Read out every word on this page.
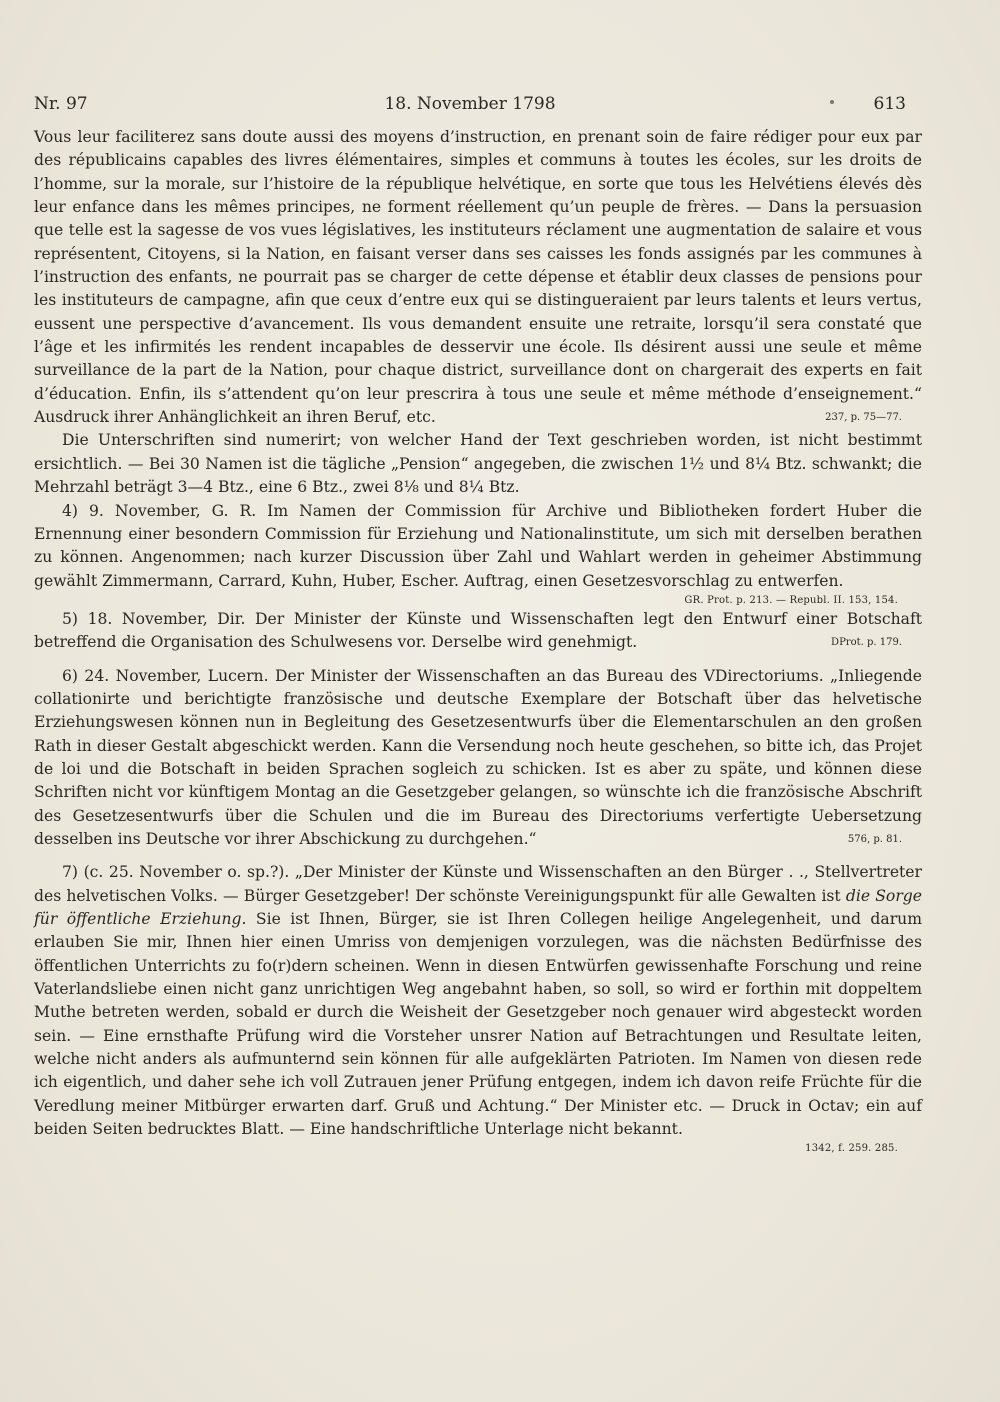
Nr. 97	18. November 1798	613

Vous leur faciliterez sans doute aussi des moyens d’instruction, en prenant soin de faire rédiger pour eux par des républicains capables des livres élémentaires, simples et communs à toutes les écoles, sur les droits de l’homme, sur la morale, sur l’histoire de la république helvétique, en sorte que tous les Helvétiens élevés dès leur enfance dans les mêmes principes, ne forment réellement qu’un peuple de frères. — Dans la persuasion que telle est la sagesse de vos vues législatives, les instituteurs réclament une augmentation de salaire et vous représentent, Citoyens, si la Nation, en faisant verser dans ses caisses les fonds assignés par les communes à l’instruction des enfants, ne pourrait pas se charger de cette dépense et établir deux classes de pensions pour les instituteurs de campagne, afin que ceux d’entre eux qui se distingueraient par leurs talents et leurs vertus, eussent une perspective d’avancement. Ils vous demandent ensuite une retraite, lorsqu’il sera constaté que l’âge et les infirmités les rendent incapables de desservir une école. Ils désirent aussi une seule et même surveillance de la part de la Nation, pour chaque district, surveillance dont on chargerait des experts en fait d’éducation. Enfin, ils s’attendent qu’on leur prescrira à tous une seule et même méthode d’enseignement.“ Ausdruck ihrer Anhänglichkeit an ihren Beruf, etc.	237, p. 75—77.

Die Unterschriften sind numerirt; von welcher Hand der Text geschrieben worden, ist nicht bestimmt ersichtlich. — Bei 30 Namen ist die tägliche „Pension“ angegeben, die zwischen 1½ und 8¼ Btz. schwankt; die Mehrzahl beträgt 3—4 Btz., eine 6 Btz., zwei 8⅛ und 8¼ Btz.

4) 9. November, G. R. Im Namen der Commission für Archive und Bibliotheken fordert Huber die Ernennung einer besondern Commission für Erziehung und Nationalinstitute, um sich mit derselben berathen zu können. Angenommen; nach kurzer Discussion über Zahl und Wahlart werden in geheimer Abstimmung gewählt Zimmermann, Carrard, Kuhn, Huber, Escher. Auftrag, einen Gesetzesvorschlag zu entwerfen.

GR. Prot. p. 213. — Republ. II. 153, 154.

5) 18. November, Dir. Der Minister der Künste und Wissenschaften legt den Entwurf einer Botschaft betreffend die Organisation des Schulwesens vor. Derselbe wird genehmigt.	DProt. p. 179.

6) 24. November, Lucern. Der Minister der Wissenschaften an das Bureau des VDirectoriums. „Inliegende collationirte und berichtigte französische und deutsche Exemplare der Botschaft über das helvetische Erziehungswesen können nun in Begleitung des Gesetzesentwurfs über die Elementarschulen an den großen Rath in dieser Gestalt abgeschickt werden. Kann die Versendung noch heute geschehen, so bitte ich, das Projet de loi und die Botschaft in beiden Sprachen sogleich zu schicken. Ist es aber zu späte, und können diese Schriften nicht vor künftigem Montag an die Gesetzgeber gelangen, so wünschte ich die französische Abschrift des Gesetzesentwurfs über die Schulen und die im Bureau des Directoriums verfertigte Uebersetzung desselben ins Deutsche vor ihrer Abschickung zu durchgehen.“	576, p. 81.

7) (c. 25. November o. sp.?). „Der Minister der Künste und Wissenschaften an den Bürger . ., Stellvertreter des helvetischen Volks. — Bürger Gesetzgeber! Der schönste Vereinigungspunkt für alle Gewalten ist die Sorge für öffentliche Erziehung. Sie ist Ihnen, Bürger, sie ist Ihren Collegen heilige Angelegenheit, und darum erlauben Sie mir, Ihnen hier einen Umriss von demjenigen vorzulegen, was die nächsten Bedürfnisse des öffentlichen Unterrichts zu fo(r)dern scheinen. Wenn in diesen Entwürfen gewissenhafte Forschung und reine Vaterlandsliebe einen nicht ganz unrichtigen Weg angebahnt haben, so soll, so wird er forthin mit doppeltem Muthe betreten werden, sobald er durch die Weisheit der Gesetzgeber noch genauer wird abgesteckt worden sein. — Eine ernsthafte Prüfung wird die Vorsteher unsrer Nation auf Betrachtungen und Resultate leiten, welche nicht anders als aufmunternd sein können für alle aufgeklärten Patrioten. Im Namen von diesen rede ich eigentlich, und daher sehe ich voll Zutrauen jener Prüfung entgegen, indem ich davon reife Früchte für die Veredlung meiner Mitbürger erwarten darf. Gruß und Achtung.“ Der Minister etc. — Druck in Octav; ein auf beiden Seiten bedrucktes Blatt. — Eine handschriftliche Unterlage nicht bekannt.

1342, f. 259. 285.
